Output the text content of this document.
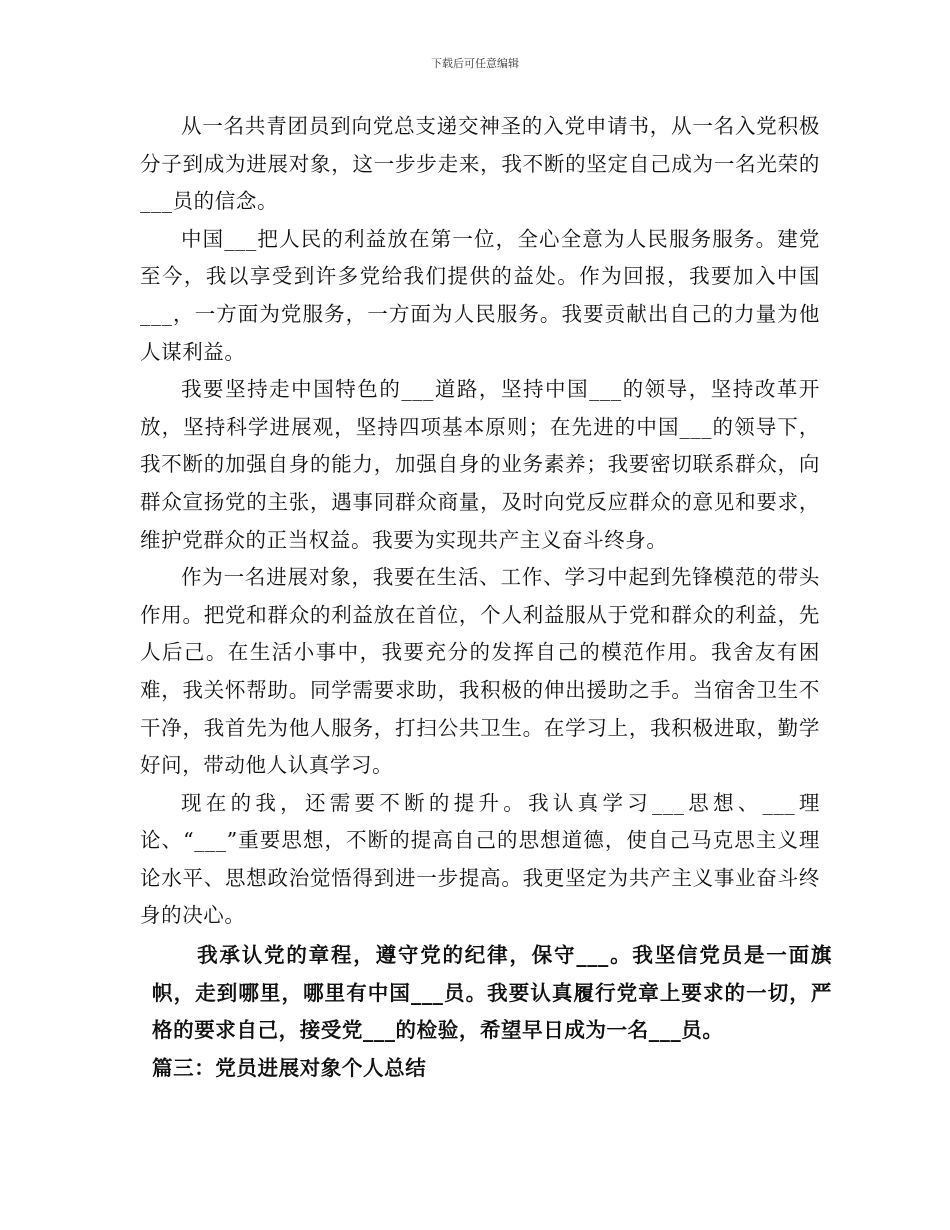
下载后可任意编辑

从一名共青团员到向党总支递交神圣的入党申请书，从一名入党积极分子到成为进展对象，这一步步走来，我不断的坚定自己成为一名光荣的___员的信念。

中国___把人民的利益放在第一位，全心全意为人民服务服务。建党至今，我以享受到许多党给我们提供的益处。作为回报，我要加入中国___，一方面为党服务，一方面为人民服务。我要贡献出自己的力量为他人谋利益。

我要坚持走中国特色的___道路，坚持中国___的领导，坚持改革开放，坚持科学进展观，坚持四项基本原则；在先进的中国___的领导下，我不断的加强自身的能力，加强自身的业务素养；我要密切联系群众，向群众宣扬党的主张，遇事同群众商量，及时向党反应群众的意见和要求，维护党群众的正当权益。我要为实现共产主义奋斗终身。

作为一名进展对象，我要在生活、工作、学习中起到先锋模范的带头作用。把党和群众的利益放在首位，个人利益服从于党和群众的利益，先人后己。在生活小事中，我要充分的发挥自己的模范作用。我舍友有困难，我关怀帮助。同学需要求助，我积极的伸出援助之手。当宿舍卫生不干净，我首先为他人服务，打扫公共卫生。在学习上，我积极进取，勤学好问，带动他人认真学习。

现在的我，还需要不断的提升。我认真学习___思想、___理论、“___”重要思想，不断的提高自己的思想道德，使自己马克思主义理论水平、思想政治觉悟得到进一步提高。我更坚定为共产主义事业奋斗终身的决心。

我承认党的章程，遵守党的纪律，保守___。我坚信党员是一面旗帜，走到哪里，哪里有中国___员。我要认真履行党章上要求的一切，严格的要求自己，接受党___的检验，希望早日成为一名___员。

篇三：党员进展对象个人总结
